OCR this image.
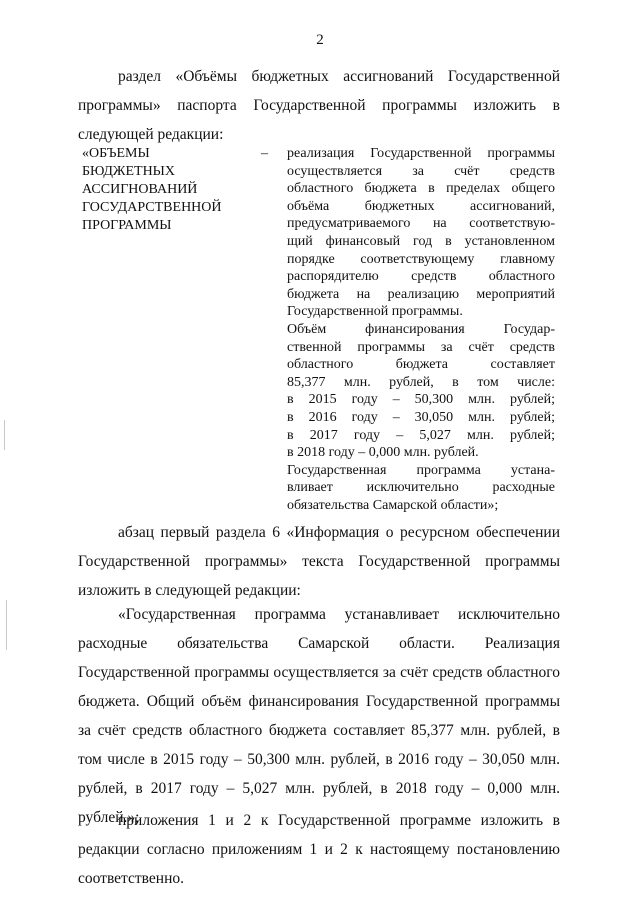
2

раздел «Объёмы бюджетных ассигнований Государственной программы» паспорта Государственной программы изложить в следующей редакции:

«ОБЪЕМЫ
БЮДЖЕТНЫХ
АССИГНОВАНИЙ
ГОСУДАРСТВЕННОЙ
ПРОГРАММЫ
– реализация Государственной программы
осуществляется за счёт средств
областного бюджета в пределах общего
объёма бюджетных ассигнований,
предусматриваемого на соответствую-
щий финансовый год в установленном
порядке соответствующему главному
распорядителю средств областного
бюджета на реализацию мероприятий
Государственной программы.
Объём финансирования Государ-
ственной программы за счёт средств
областного бюджета составляет
85,377 млн. рублей, в том числе:
в 2015 году – 50,300 млн. рублей;
в 2016 году – 30,050 млн. рублей;
в 2017 году – 5,027 млн. рублей;
в 2018 году – 0,000 млн. рублей.
Государственная программа устана-
вливает исключительно расходные
обязательства Самарской области»;

абзац первый раздела 6 «Информация о ресурсном обеспечении Государственной программы» текста Государственной программы изложить в следующей редакции:

«Государственная программа устанавливает исключительно расходные обязательства Самарской области. Реализация Государственной программы осуществляется за счёт средств областного бюджета. Общий объём финансирования Государственной программы за счёт средств областного бюджета составляет 85,377 млн. рублей, в том числе в 2015 году – 50,300 млн. рублей, в 2016 году – 30,050 млн. рублей, в 2017 году – 5,027 млн. рублей, в 2018 году – 0,000 млн. рублей.»;

приложения 1 и 2 к Государственной программе изложить в редакции согласно приложениям 1 и 2 к настоящему постановлению соответственно.
